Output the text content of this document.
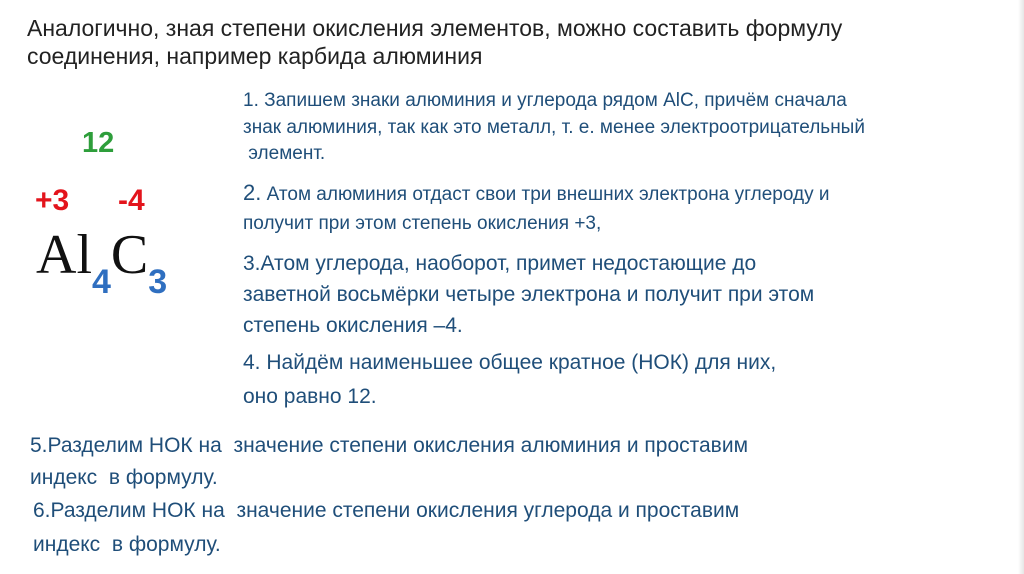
Аналогично, зная степени окисления элементов, можно составить формулу
соединения, например карбида алюминия
12
+3 -4
Al4C3
1. Запишем знаки алюминия и углерода рядом AlC, причём сначала
знак алюминия, так как это металл, т. е. менее электроотрицательный
элемент.
2. Атом алюминия отдаст свои три внешних электрона углероду и
получит при этом степень окисления +3,
3.Атом углерода, наоборот, примет недостающие до
заветной восьмёрки четыре электрона и получит при этом
степень окисления –4.
4. Найдём наименьшее общее кратное (НОК) для них,
оно равно 12.
5.Разделим НОК на  значение степени окисления алюминия и проставим
индекс  в формулу.
6.Разделим НОК на  значение степени окисления углерода и проставим
индекс  в формулу.
